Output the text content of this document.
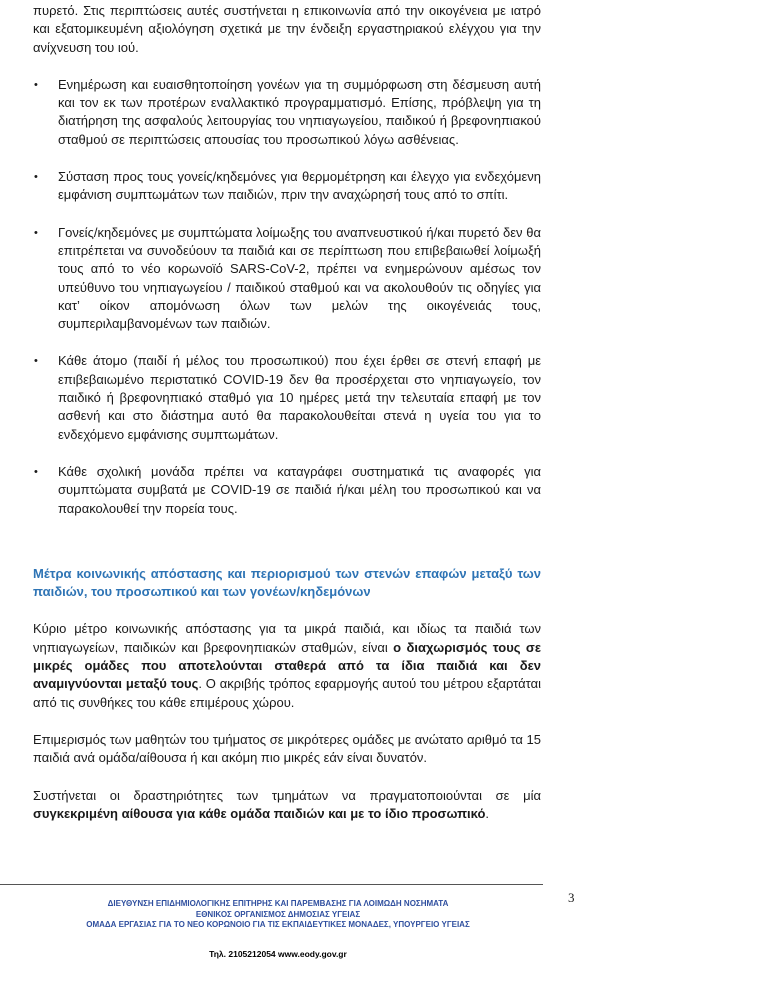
πυρετό. Στις περιπτώσεις αυτές συστήνεται η επικοινωνία από την οικογένεια με ιατρό και εξατομικευμένη αξιολόγηση σχετικά με την ένδειξη εργαστηριακού ελέγχου για την ανίχνευση του ιού.

•	Ενημέρωση και ευαισθητοποίηση γονέων για τη συμμόρφωση στη δέσμευση αυτή και τον εκ των προτέρων εναλλακτικό προγραμματισμό. Επίσης, πρόβλεψη για τη διατήρηση της ασφαλούς λειτουργίας του νηπιαγωγείου, παιδικού ή βρεφονηπιακού σταθμού σε περιπτώσεις απουσίας του προσωπικού λόγω ασθένειας.

•	Σύσταση προς τους γονείς/κηδεμόνες για θερμομέτρηση και έλεγχο για ενδεχόμενη εμφάνιση συμπτωμάτων των παιδιών, πριν την αναχώρησή τους από το σπίτι.

•	Γονείς/κηδεμόνες με συμπτώματα λοίμωξης του αναπνευστικού ή/και πυρετό δεν θα επιτρέπεται να συνοδεύουν τα παιδιά και σε περίπτωση που επιβεβαιωθεί λοίμωξή τους από το νέο κορωνοϊό SARS-CoV-2, πρέπει να ενημερώνουν αμέσως τον υπεύθυνο του νηπιαγωγείου / παιδικού σταθμού και να ακολουθούν τις οδηγίες για κατ’ οίκον απομόνωση όλων των μελών της οικογένειάς τους, συμπεριλαμβανομένων των παιδιών.

•	Κάθε άτομο (παιδί ή μέλος του προσωπικού) που έχει έρθει σε στενή επαφή με επιβεβαιωμένο περιστατικό COVID-19 δεν θα προσέρχεται στο νηπιαγωγείο, τον παιδικό ή βρεφονηπιακό σταθμό για 10 ημέρες μετά την τελευταία επαφή με τον ασθενή και στο διάστημα αυτό θα παρακολουθείται στενά η υγεία του για το ενδεχόμενο εμφάνισης συμπτωμάτων.

•	Κάθε σχολική μονάδα πρέπει να καταγράφει συστηματικά τις αναφορές για συμπτώματα συμβατά με COVID-19 σε παιδιά ή/και μέλη του προσωπικού και να παρακολουθεί την πορεία τους.

Μέτρα κοινωνικής απόστασης και περιορισμού των στενών επαφών μεταξύ των παιδιών, του προσωπικού και των γονέων/κηδεμόνων

Κύριο μέτρο κοινωνικής απόστασης για τα μικρά παιδιά, και ιδίως τα παιδιά των νηπιαγωγείων, παιδικών και βρεφονηπιακών σταθμών, είναι ο διαχωρισμός τους σε μικρές ομάδες που αποτελούνται σταθερά από τα ίδια παιδιά και δεν αναμιγνύονται μεταξύ τους. Ο ακριβής τρόπος εφαρμογής αυτού του μέτρου εξαρτάται από τις συνθήκες του κάθε επιμέρους χώρου.

Επιμερισμός των μαθητών του τμήματος σε μικρότερες ομάδες με ανώτατο αριθμό τα 15 παιδιά ανά ομάδα/αίθουσα ή και ακόμη πιο μικρές εάν είναι δυνατόν.

Συστήνεται οι δραστηριότητες των τμημάτων να πραγματοποιούνται σε μία συγκεκριμένη αίθουσα για κάθε ομάδα παιδιών και με το ίδιο προσωπικό.

3
ΔΙΕΥΘΥΝΣΗ ΕΠΙΔΗΜΙΟΛΟΓΙΚΗΣ ΕΠΙΤΗΡΗΣ ΚΑΙ ΠΑΡΕΜΒΑΣΗΣ ΓΙΑ ΛΟΙΜΩΔΗ ΝΟΣΗΜΑΤΑ
ΕΘΝΙΚΟΣ ΟΡΓΑΝΙΣΜΟΣ ΔΗΜΟΣΙΑΣ ΥΓΕΙΑΣ
ΟΜΑΔΑ ΕΡΓΑΣΙΑΣ ΓΙΑ ΤΟ ΝΕΟ ΚΟΡΩΝΟΙΟ ΓΙΑ ΤΙΣ ΕΚΠΑΙΔΕΥΤΙΚΕΣ ΜΟΝΑΔΕΣ, ΥΠΟΥΡΓΕΙΟ ΥΓΕΙΑΣ
Τηλ. 2105212054 www.eody.gov.gr
